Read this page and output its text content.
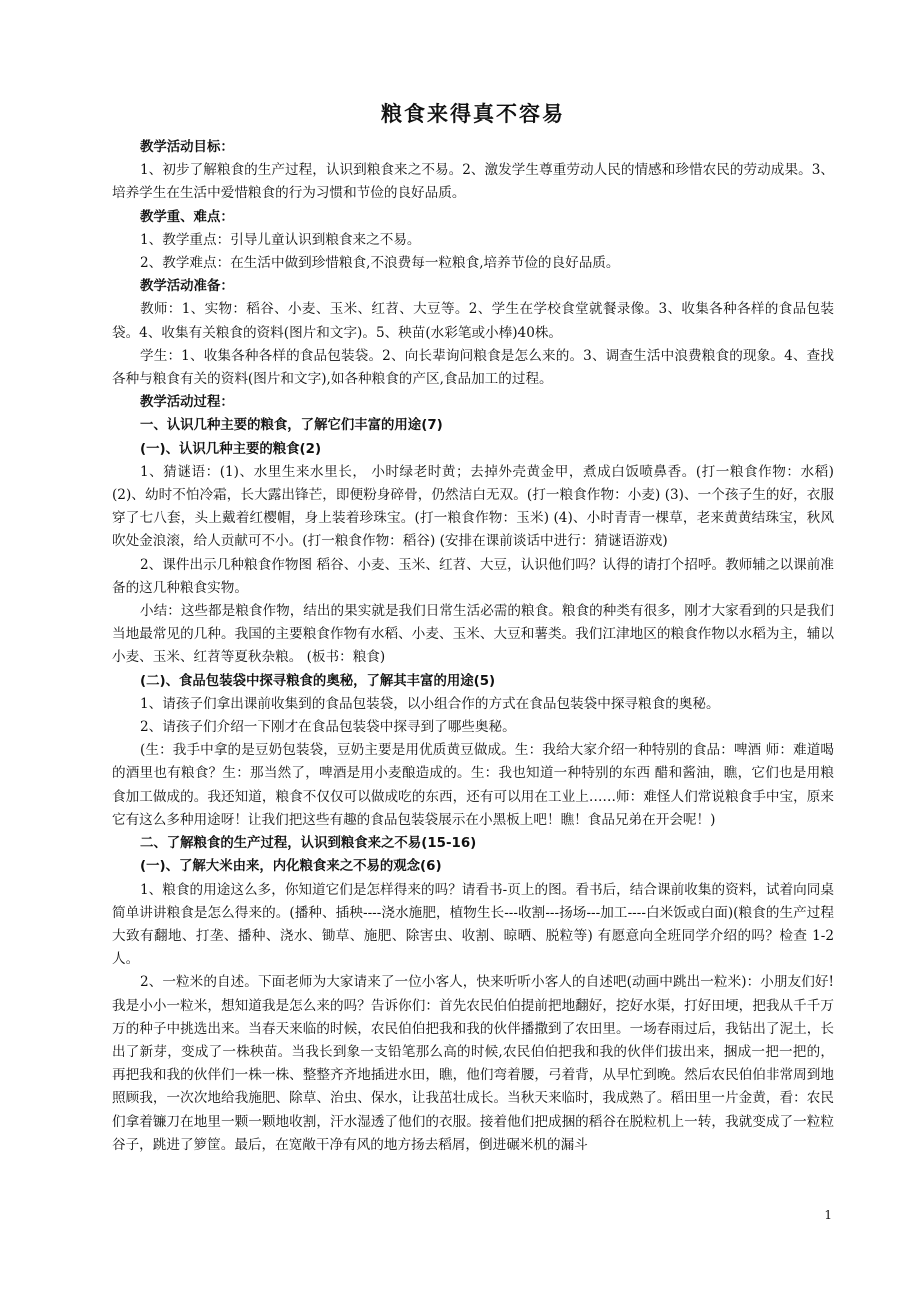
粮食来得真不容易

教学活动目标：

1、初步了解粮食的生产过程，认识到粮食来之不易。2、激发学生尊重劳动人民的情感和珍惜农民的劳动成果。3、培养学生在生活中爱惜粮食的行为习惯和节俭的良好品质。

教学重、难点：

1、教学重点：引导儿童认识到粮食来之不易。

2、教学难点：在生活中做到珍惜粮食,不浪费每一粒粮食,培养节俭的良好品质。

教学活动准备：

教师：1、实物：稻谷、小麦、玉米、红苕、大豆等。2、学生在学校食堂就餐录像。3、收集各种各样的食品包装袋。4、收集有关粮食的资料(图片和文字)。5、秧苗(水彩笔或小棒)40株。

学生：1、收集各种各样的食品包装袋。2、向长辈询问粮食是怎么来的。3、调查生活中浪费粮食的现象。4、查找各种与粮食有关的资料(图片和文字),如各种粮食的产区,食品加工的过程。

教学活动过程：

一、认识几种主要的粮食，了解它们丰富的用途(7)

(一)、认识几种主要的粮食(2)

1、猜谜语：(1)、水里生来水里长， 小时绿老时黄；去掉外壳黄金甲，煮成白饭喷鼻香。(打一粮食作物：水稻) (2)、幼时不怕冷霜，长大露出锋芒，即便粉身碎骨，仍然洁白无双。(打一粮食作物：小麦) (3)、一个孩子生的好，衣服穿了七八套，头上戴着红樱帽，身上装着珍珠宝。(打一粮食作物：玉米) (4)、小时青青一棵草，老来黄黄结珠宝，秋风吹处金浪滚，给人贡献可不小。(打一粮食作物：稻谷) (安排在课前谈话中进行：猜谜语游戏)

2、课件出示几种粮食作物图 稻谷、小麦、玉米、红苕、大豆，认识他们吗？认得的请打个招呼。教师辅之以课前准备的这几种粮食实物。

小结：这些都是粮食作物，结出的果实就是我们日常生活必需的粮食。粮食的种类有很多，刚才大家看到的只是我们当地最常见的几种。我国的主要粮食作物有水稻、小麦、玉米、大豆和薯类。我们江津地区的粮食作物以水稻为主，辅以小麦、玉米、红苕等夏秋杂粮。 (板书：粮食)

(二)、食品包装袋中探寻粮食的奥秘，了解其丰富的用途(5)

1、请孩子们拿出课前收集到的食品包装袋，以小组合作的方式在食品包装袋中探寻粮食的奥秘。

2、请孩子们介绍一下刚才在食品包装袋中探寻到了哪些奥秘。

(生：我手中拿的是豆奶包装袋，豆奶主要是用优质黄豆做成。生：我给大家介绍一种特别的食品：啤酒 师：难道喝的酒里也有粮食？生：那当然了，啤酒是用小麦酿造成的。生：我也知道一种特别的东西 醋和酱油，瞧，它们也是用粮食加工做成的。我还知道，粮食不仅仅可以做成吃的东西，还有可以用在工业上……师：难怪人们常说粮食手中宝，原来它有这么多种用途呀！让我们把这些有趣的食品包装袋展示在小黑板上吧！瞧！食品兄弟在开会呢！)

二、了解粮食的生产过程，认识到粮食来之不易(15-16)

(一)、了解大米由来，内化粮食来之不易的观念(6)

1、粮食的用途这么多，你知道它们是怎样得来的吗？请看书-页上的图。看书后，结合课前收集的资料，试着向同桌简单讲讲粮食是怎么得来的。(播种、插秧----浇水施肥，植物生长---收割---扬场---加工----白米饭或白面)(粮食的生产过程大致有翻地、打垄、播种、浇水、锄草、施肥、除害虫、收割、晾晒、脱粒等) 有愿意向全班同学介绍的吗？检查 1-2 人。

2、一粒米的自述。下面老师为大家请来了一位小客人，快来听听小客人的自述吧(动画中跳出一粒米)：小朋友们好!我是小小一粒米，想知道我是怎么来的吗？告诉你们：首先农民伯伯提前把地翻好，挖好水渠，打好田埂，把我从千千万万的种子中挑选出来。当春天来临的时候，农民伯伯把我和我的伙伴播撒到了农田里。一场春雨过后，我钻出了泥土，长出了新芽，变成了一株秧苗。当我长到象一支铅笔那么高的时候,农民伯伯把我和我的伙伴们拔出来，捆成一把一把的，再把我和我的伙伴们一株一株、整整齐齐地插进水田，瞧，他们弯着腰，弓着背，从早忙到晚。然后农民伯伯非常周到地照顾我，一次次地给我施肥、除草、治虫、保水，让我茁壮成长。当秋天来临时，我成熟了。稻田里一片金黄，看：农民们拿着镰刀在地里一颗一颗地收割，汗水湿透了他们的衣服。接着他们把成捆的稻谷在脱粒机上一转，我就变成了一粒粒谷子，跳进了箩筐。最后，在宽敞干净有风的地方扬去稻屑，倒进碾米机的漏斗

1
